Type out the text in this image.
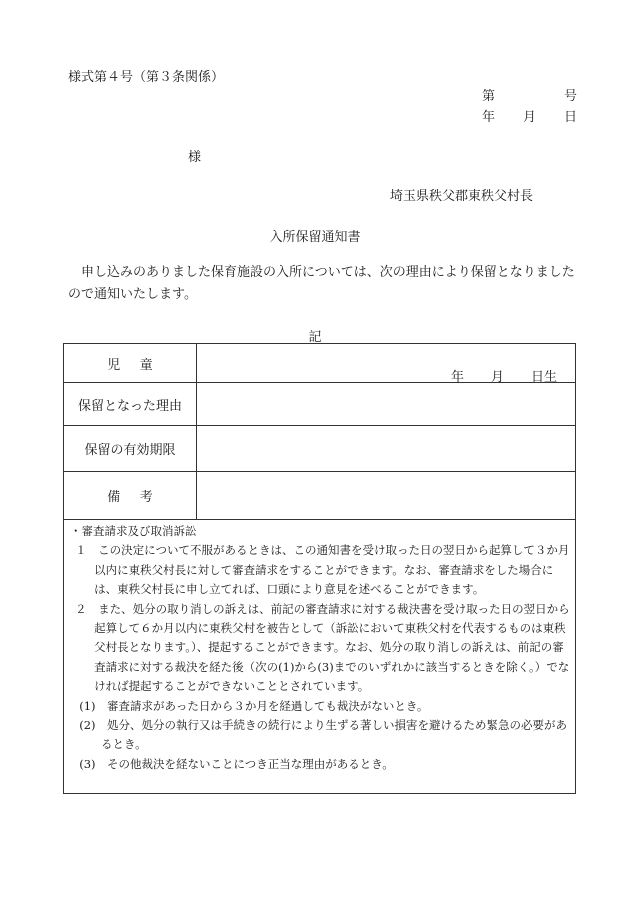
様式第４号（第３条関係）
第	号
年 月 日
様
埼玉県秩父郡東秩父村長
入所保留通知書
申し込みのありました保育施設の入所については、次の理由により保留となりましたので通知いたします。
記
児童	年 月 日生

保留となった理由	
保留の有効期限	
備考	
・審査請求及び取消訴訟

１　この決定について不服があるときは、この通知書を受け取った日の翌日から起算して３か月以内に東秩父村長に対して審査請求をすることができます。なお、審査請求をした場合には、東秩父村長に申し立てれば、口頭により意見を述べることができます。

２　また、処分の取り消しの訴えは、前記の審査請求に対する裁決書を受け取った日の翌日から起算して６か月以内に東秩父村を被告として（訴訟において東秩父村を代表するものは東秩父村長となります。）、提起することができます。なお、処分の取り消しの訴えは、前記の審査請求に対する裁決を経た後（次の(1)から(3)までのいずれかに該当するときを除く。）でなければ提起することができないこととされています。

(1)　審査請求があった日から３か月を経過しても裁決がないとき。

(2)　処分、処分の執行又は手続きの続行により生ずる著しい損害を避けるため緊急の必要があるとき。

(3)　その他裁決を経ないことにつき正当な理由があるとき。
